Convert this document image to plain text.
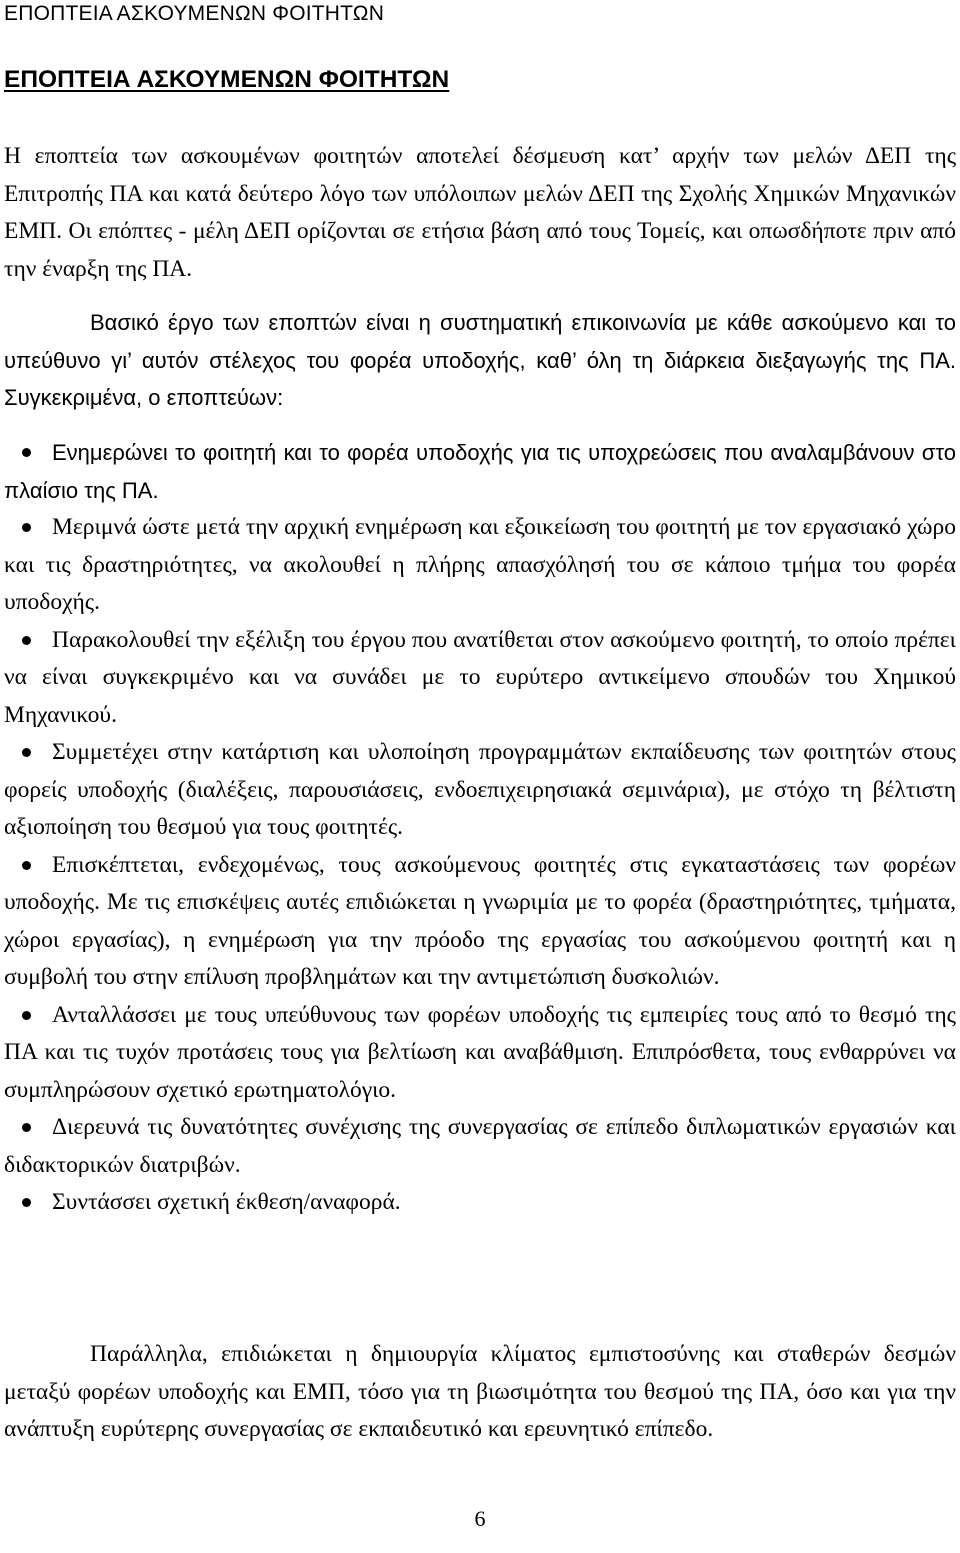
ΕΠΟΠΤΕΙΑ ΑΣΚΟΥΜΕΝΩΝ ΦΟΙΤΗΤΩΝ
ΕΠΟΠΤΕΙΑ ΑΣΚΟΥΜΕΝΩΝ ΦΟΙΤΗΤΩΝ

Η εποπτεία των ασκουμένων φοιτητών αποτελεί δέσμευση κατ’ αρχήν των μελών ΔΕΠ της Επιτροπής ΠΑ και κατά δεύτερο λόγο των υπόλοιπων μελών ΔΕΠ της Σχολής Χημικών Μηχανικών ΕΜΠ. Οι επόπτες - μέλη ΔΕΠ ορίζονται σε ετήσια βάση από τους Τομείς, και οπωσδήποτε πριν από την έναρξη της ΠΑ.

Βασικό έργο των εποπτών είναι η συστηματική επικοινωνία με κάθε ασκούμενο και το υπεύθυνο γι’ αυτόν στέλεχος του φορέα υποδοχής, καθ’ όλη τη διάρκεια διεξαγωγής της ΠΑ. Συγκεκριμένα, ο εποπτεύων:

Ενημερώνει το φοιτητή και το φορέα υποδοχής για τις υποχρεώσεις που αναλαμβάνουν στο πλαίσιο της ΠΑ.
Μεριμνά ώστε μετά την αρχική ενημέρωση και εξοικείωση του φοιτητή με τον εργασιακό χώρο και τις δραστηριότητες, να ακολουθεί η πλήρης απασχόλησή του σε κάποιο τμήμα του φορέα υποδοχής.
Παρακολουθεί την εξέλιξη του έργου που ανατίθεται στον ασκούμενο φοιτητή, το οποίο πρέπει να είναι συγκεκριμένο και να συνάδει με το ευρύτερο αντικείμενο σπουδών του Χημικού Μηχανικού.
Συμμετέχει στην κατάρτιση και υλοποίηση προγραμμάτων εκπαίδευσης των φοιτητών στους φορείς υποδοχής (διαλέξεις, παρουσιάσεις, ενδοεπιχειρησιακά σεμινάρια), με στόχο τη βέλτιστη αξιοποίηση του θεσμού για τους φοιτητές.
Επισκέπτεται, ενδεχομένως, τους ασκούμενους φοιτητές στις εγκαταστάσεις των φορέων υποδοχής. Με τις επισκέψεις αυτές επιδιώκεται η γνωριμία με το φορέα (δραστηριότητες, τμήματα, χώροι εργασίας), η ενημέρωση για την πρόοδο της εργασίας του ασκούμενου φοιτητή και η συμβολή του στην επίλυση προβλημάτων και την αντιμετώπιση δυσκολιών.
Ανταλλάσσει με τους υπεύθυνους των φορέων υποδοχής τις εμπειρίες τους από το θεσμό της ΠΑ και τις τυχόν προτάσεις τους για βελτίωση και αναβάθμιση. Επιπρόσθετα, τους ενθαρρύνει να συμπληρώσουν σχετικό ερωτηματολόγιο.
Διερευνά τις δυνατότητες συνέχισης της συνεργασίας σε επίπεδο διπλωματικών εργασιών και διδακτορικών διατριβών.
Συντάσσει σχετική έκθεση/αναφορά.

Παράλληλα, επιδιώκεται η δημιουργία κλίματος εμπιστοσύνης και σταθερών δεσμών μεταξύ φορέων υποδοχής και ΕΜΠ, τόσο για τη βιωσιμότητα του θεσμού της ΠΑ, όσο και για την ανάπτυξη ευρύτερης συνεργασίας σε εκπαιδευτικό και ερευνητικό επίπεδο.

6
